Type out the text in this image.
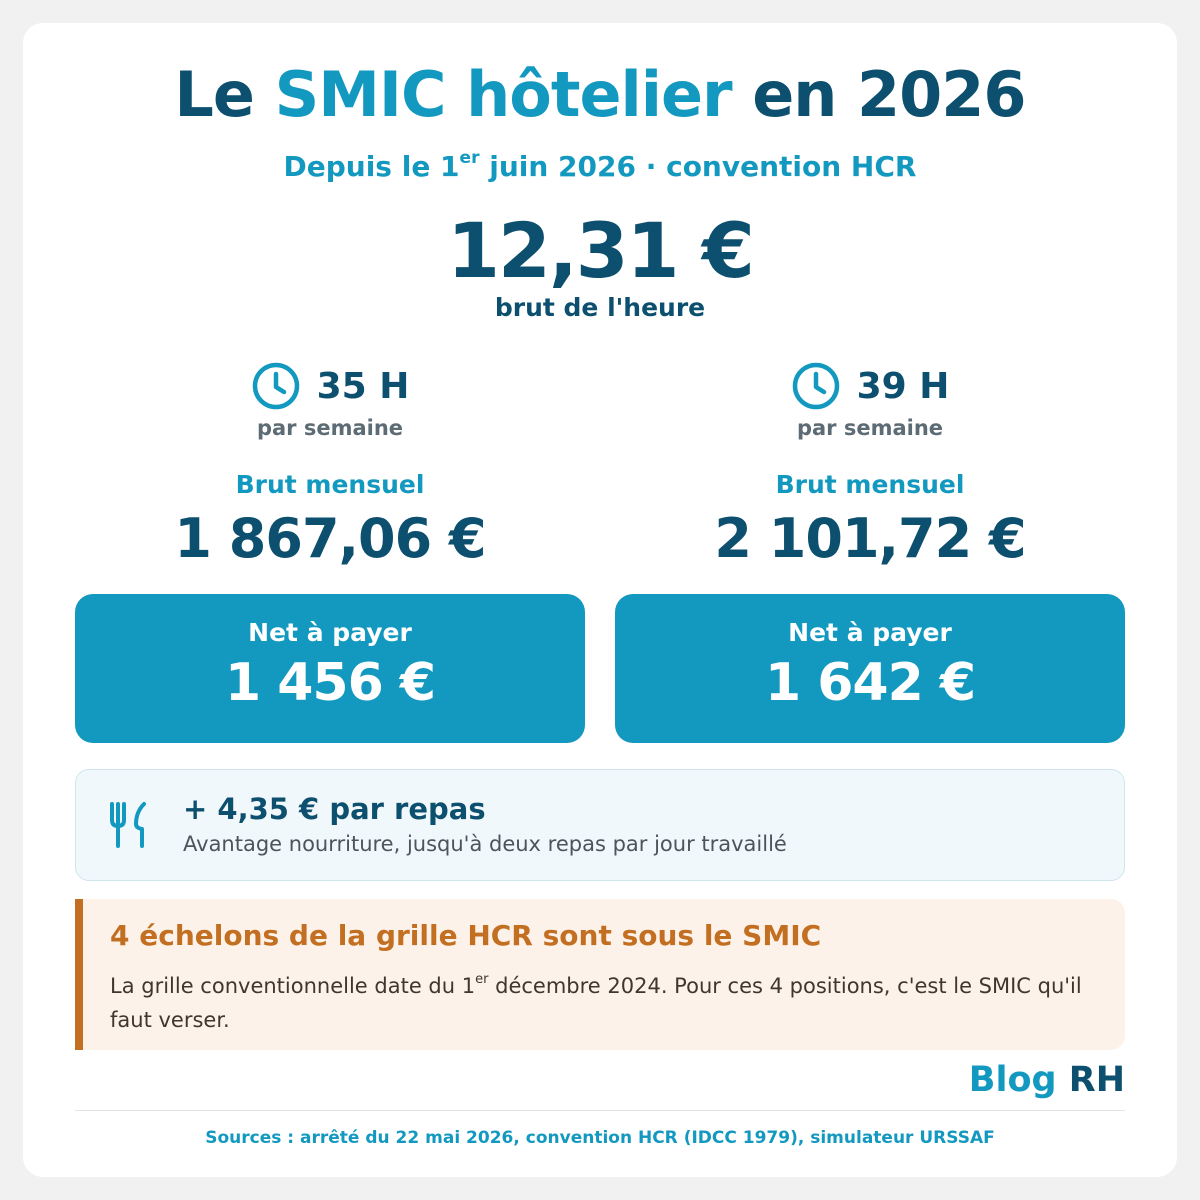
Le SMIC hôtelier en 2026
Depuis le 1er juin 2026 · convention HCR
12,31 €
brut de l'heure
35 H
par semaine
Brut mensuel
1 867,06 €
39 H
par semaine
Brut mensuel
2 101,72 €
Net à payer
1 456 €
Net à payer
1 642 €
+ 4,35 € par repas
Avantage nourriture, jusqu'à deux repas par jour travaillé
4 échelons de la grille HCR sont sous le SMIC
La grille conventionnelle date du 1er décembre 2024. Pour ces 4 positions, c'est le SMIC qu'il faut verser.
Blog RH
Sources : arrêté du 22 mai 2026, convention HCR (IDCC 1979), simulateur URSSAF
